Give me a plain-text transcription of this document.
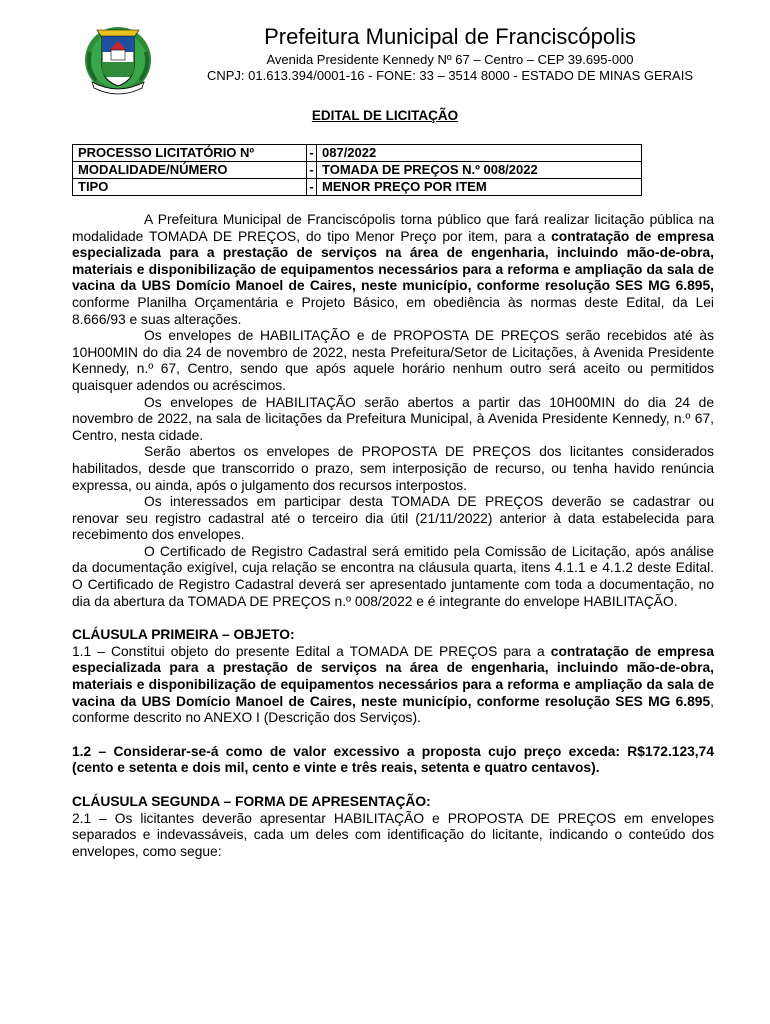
Prefeitura Municipal de Franciscópolis
Avenida Presidente Kennedy Nº 67 – Centro – CEP 39.695-000
CNPJ: 01.613.394/0001-16 - FONE: 33 – 3514 8000 - ESTADO DE MINAS GERAIS
EDITAL DE LICITAÇÃO
PROCESSO LICITATÓRIO Nº	-	087/2022
MODALIDADE/NÚMERO	-	TOMADA DE PREÇOS N.º 008/2022
TIPO	-	MENOR PREÇO POR ITEM

A Prefeitura Municipal de Franciscópolis torna público que fará realizar licitação pública na modalidade TOMADA DE PREÇOS, do tipo Menor Preço por item, para a contratação de empresa especializada para a prestação de serviços na área de engenharia, incluindo mão-de-obra, materiais e disponibilização de equipamentos necessários para a reforma e ampliação da sala de vacina da UBS Domício Manoel de Caires, neste município, conforme resolução SES MG 6.895, conforme Planilha Orçamentária e Projeto Básico, em obediência às normas deste Edital, da Lei 8.666/93 e suas alterações.

Os envelopes de HABILITAÇÃO e de PROPOSTA DE PREÇOS serão recebidos até às 10H00MIN do dia 24 de novembro de 2022, nesta Prefeitura/Setor de Licitações, à Avenida Presidente Kennedy, n.º 67, Centro, sendo que após aquele horário nenhum outro será aceito ou permitidos quaisquer adendos ou acréscimos.

Os envelopes de HABILITAÇÃO serão abertos a partir das 10H00MIN do dia 24 de novembro de 2022, na sala de licitações da Prefeitura Municipal, à Avenida Presidente Kennedy, n.º 67, Centro, nesta cidade.

Serão abertos os envelopes de PROPOSTA DE PREÇOS dos licitantes considerados habilitados, desde que transcorrido o prazo, sem interposição de recurso, ou tenha havido renúncia expressa, ou ainda, após o julgamento dos recursos interpostos.

Os interessados em participar desta TOMADA DE PREÇOS deverão se cadastrar ou renovar seu registro cadastral até o terceiro dia útil (21/11/2022) anterior à data estabelecida para recebimento dos envelopes.

O Certificado de Registro Cadastral será emitido pela Comissão de Licitação, após análise da documentação exigível, cuja relação se encontra na cláusula quarta, itens 4.1.1 e 4.1.2 deste Edital. O Certificado de Registro Cadastral deverá ser apresentado juntamente com toda a documentação, no dia da abertura da TOMADA DE PREÇOS n.º 008/2022 e é integrante do envelope HABILITAÇÃO.

CLÁUSULA PRIMEIRA – OBJETO:

1.1 – Constitui objeto do presente Edital a TOMADA DE PREÇOS para a contratação de empresa especializada para a prestação de serviços na área de engenharia, incluindo mão-de-obra, materiais e disponibilização de equipamentos necessários para a reforma e ampliação da sala de vacina da UBS Domício Manoel de Caires, neste município, conforme resolução SES MG 6.895, conforme descrito no ANEXO I (Descrição dos Serviços).

1.2 – Considerar-se-á como de valor excessivo a proposta cujo preço exceda: R$172.123,74 (cento e setenta e dois mil, cento e vinte e três reais, setenta e quatro centavos).

CLÁUSULA SEGUNDA – FORMA DE APRESENTAÇÃO:

2.1 – Os licitantes deverão apresentar HABILITAÇÃO e PROPOSTA DE PREÇOS em envelopes separados e indevassáveis, cada um deles com identificação do licitante, indicando o conteúdo dos envelopes, como segue:
